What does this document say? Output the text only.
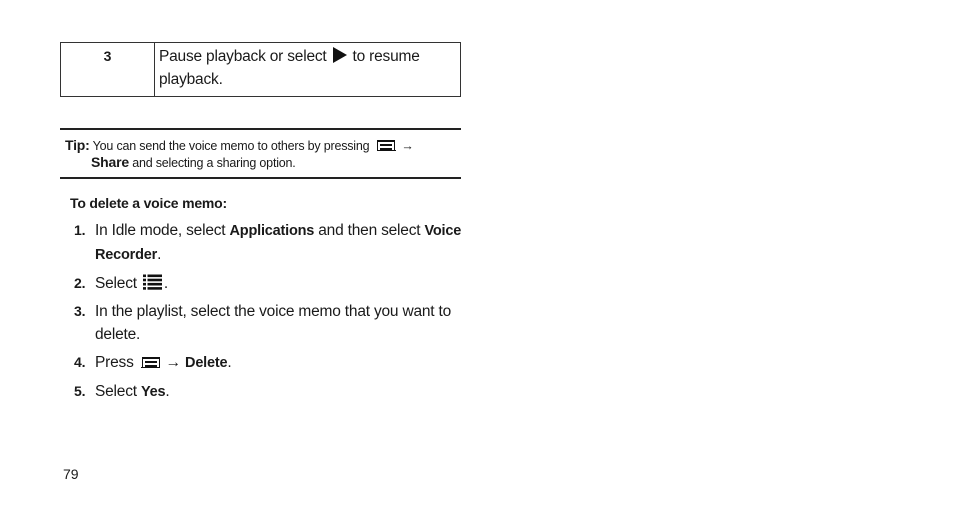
3	Pause playback or select to resume playback.
Tip: You can send the voice memo to others by pressing	→
Share and selecting a sharing option.
To delete a voice memo:
1. In Idle mode, select Applications and then select Voice Recorder.
2. Select .
3. In the playlist, select the voice memo that you want to delete.
4. Press → Delete.
5. Select Yes.
79
